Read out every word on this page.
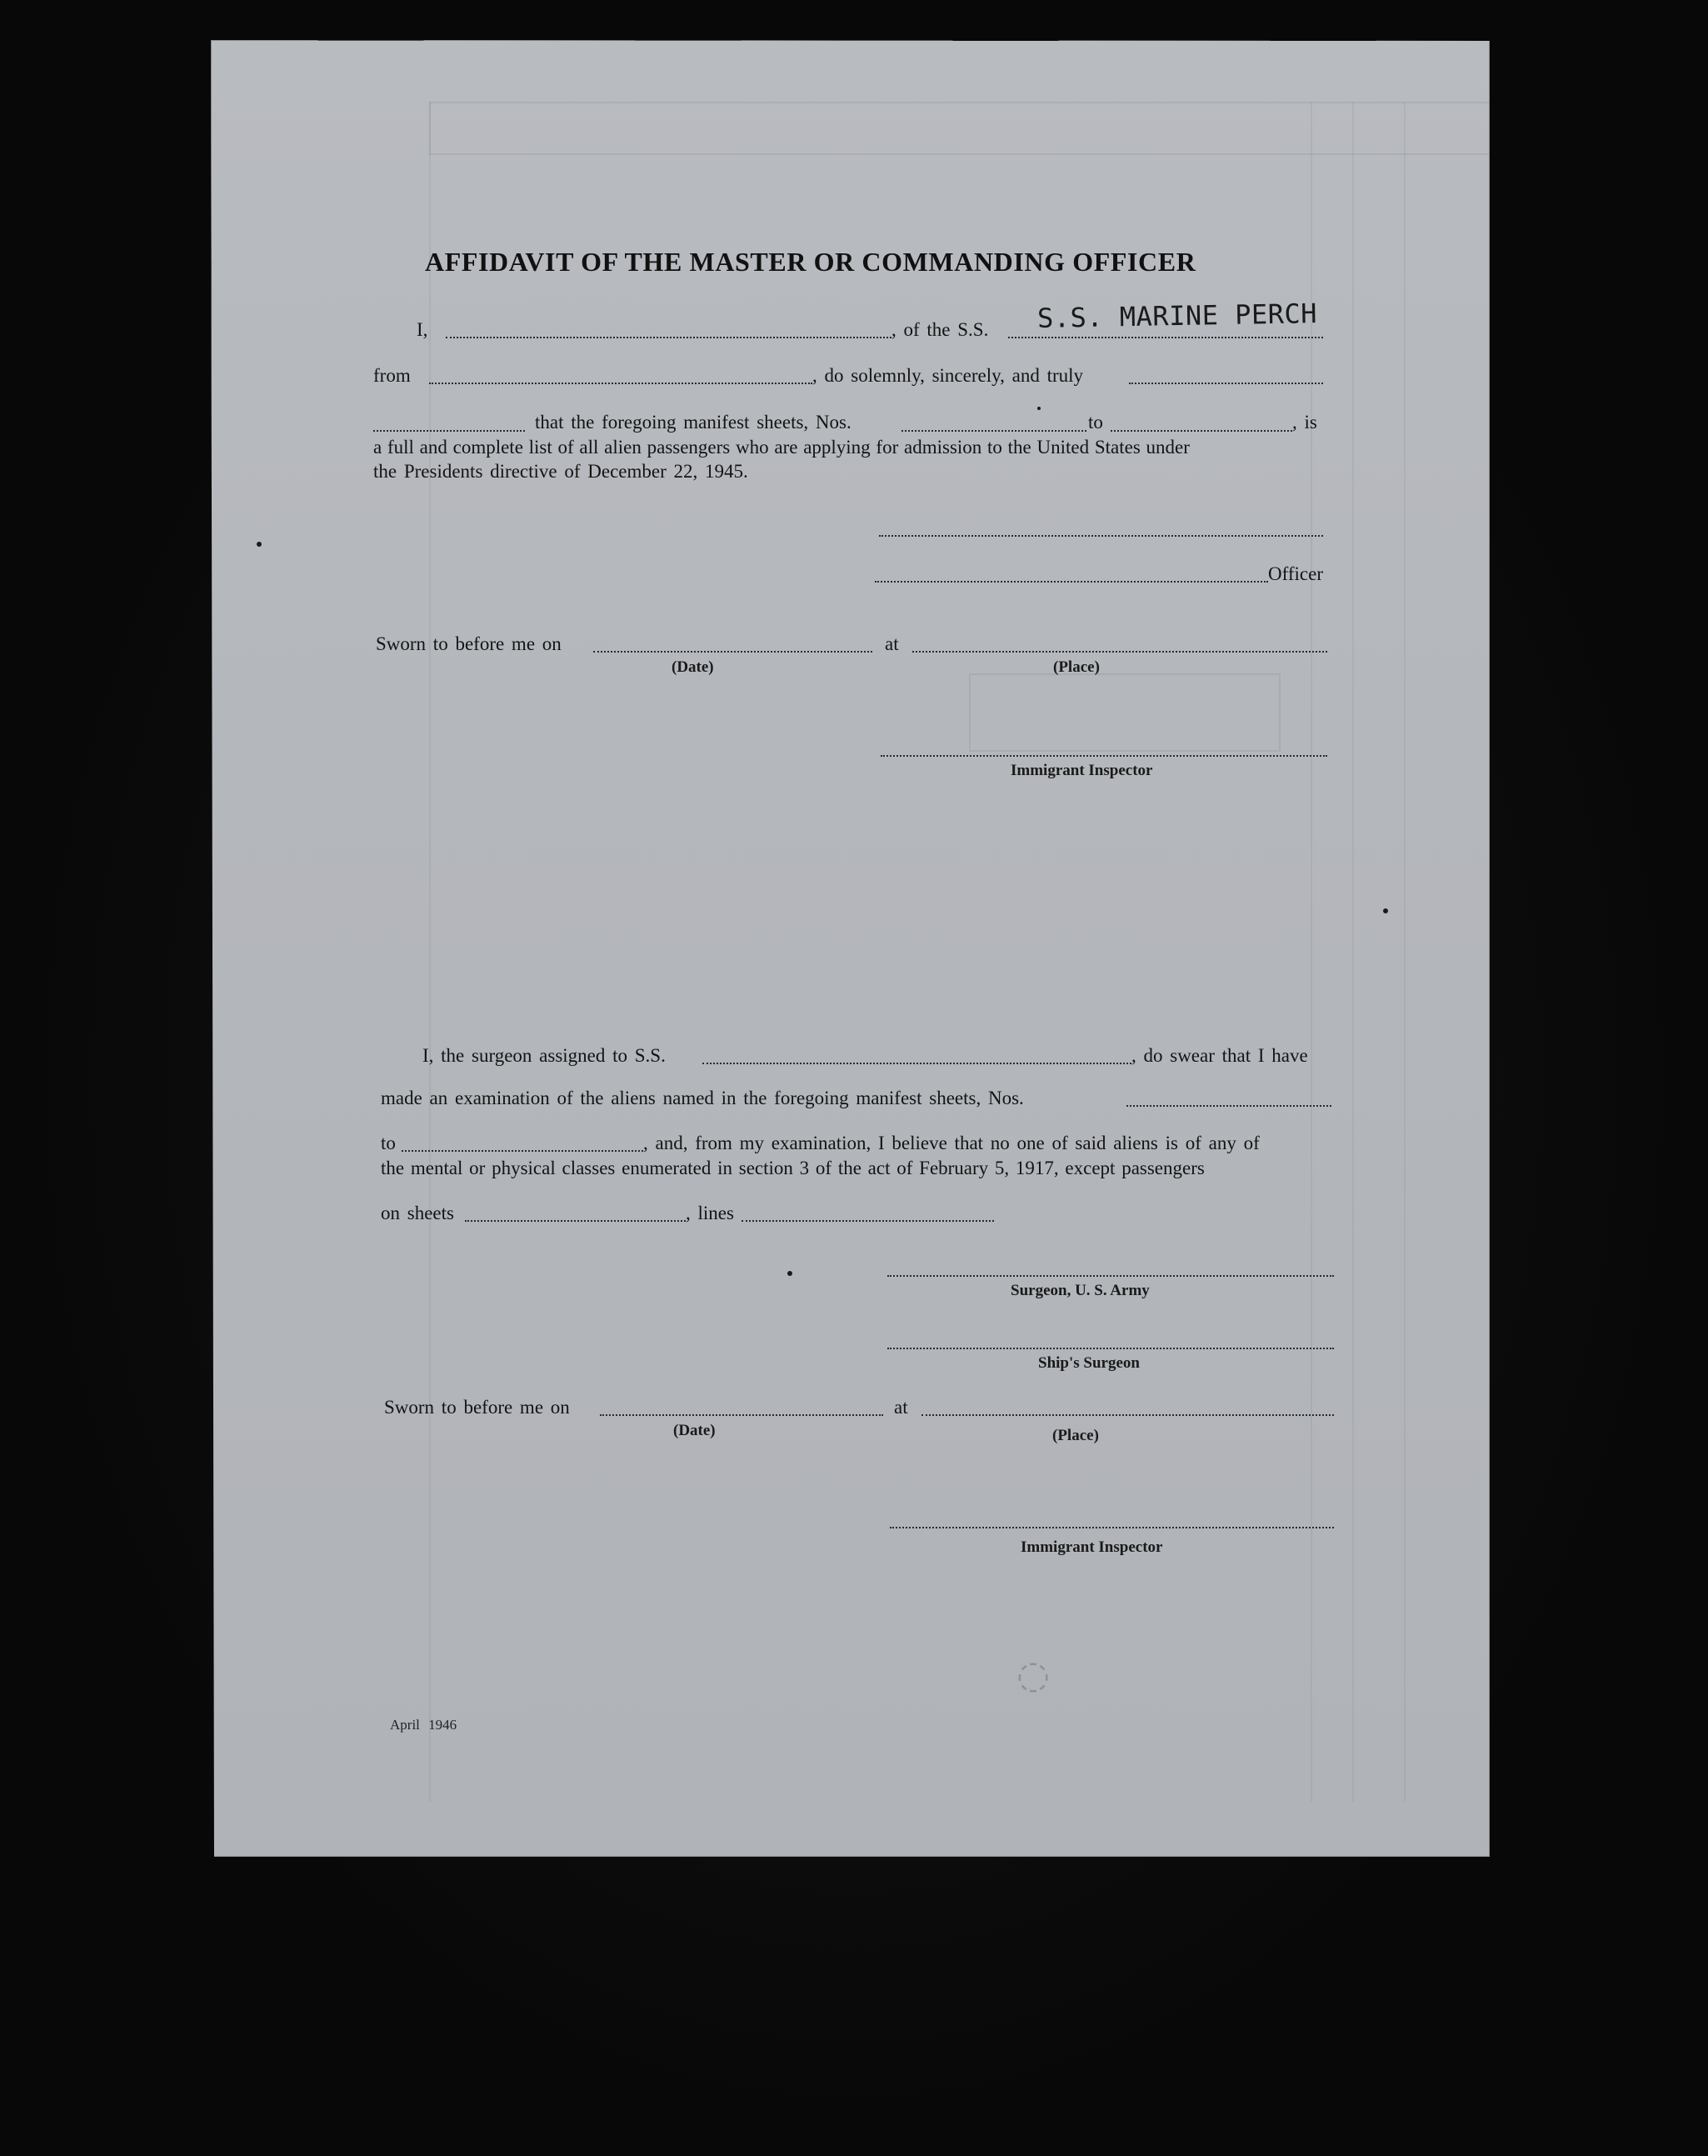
AFFIDAVIT OF THE MASTER OR COMMANDING OFFICER
S.S. MARINE PERCH
I,	, of the S.S.
from	, do solemnly, sincerely, and truly
that the foregoing manifest sheets, Nos.	to	, is
a full and complete list of all alien passengers who are applying for admission to the United States under
the Presidents directive of December 22, 1945.
Officer
Sworn to before me on	at
(Date)	(Place)
Immigrant Inspector
I, the surgeon assigned to S.S.	, do swear that I have
made an examination of the aliens named in the foregoing manifest sheets, Nos.
to	, and, from my examination, I believe that no one of said aliens is of any of
the mental or physical classes enumerated in section 3 of the act of February 5, 1917, except passengers
on sheets	, lines
Surgeon, U. S. Army
Ship's Surgeon
Sworn to before me on	at
(Date)	(Place)
Immigrant Inspector
April 1946
◌
